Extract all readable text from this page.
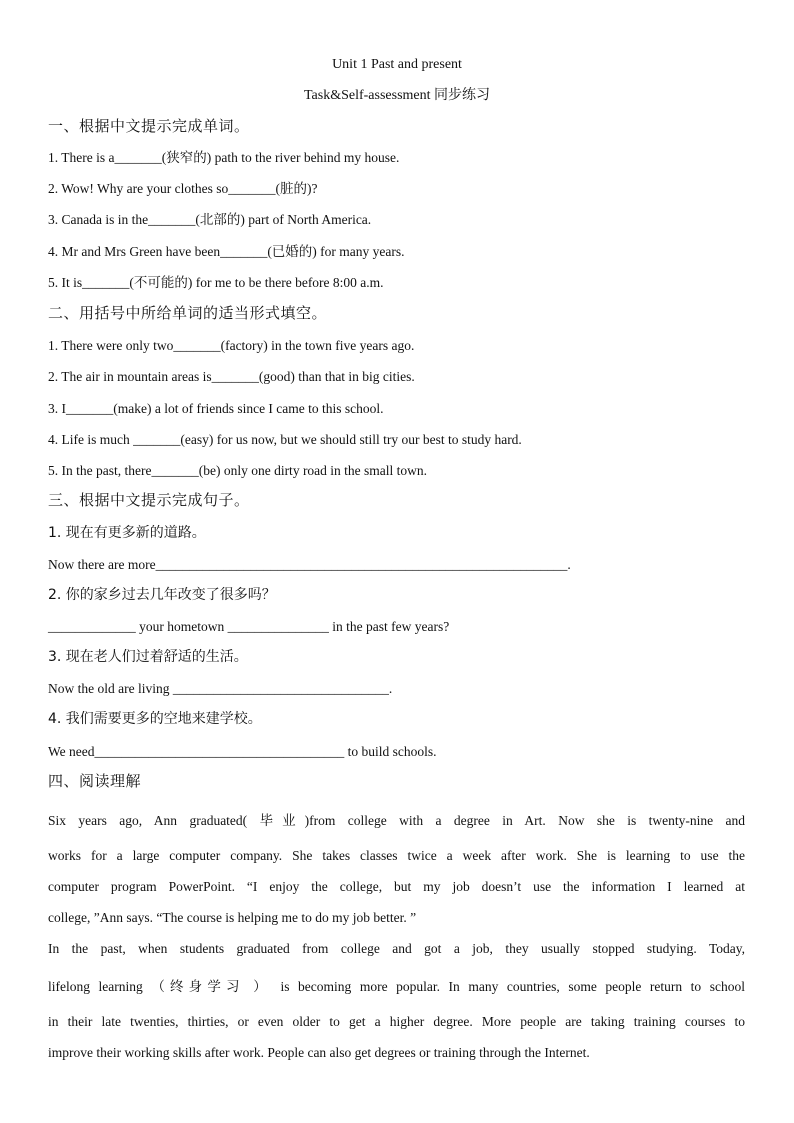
Unit 1 Past and present
Task&Self-assessment 同步练习
一、根据中文提示完成单词。
1. There is a_______(狭窄的) path to the river behind my house.
2. Wow! Why are your clothes so_______(脏的)?
3. Canada is in the_______(北部的) part of North America.
4. Mr and Mrs Green have been_______(已婚的) for many years.
5. It is_______(不可能的) for me to be there before 8:00 a.m.
二、用括号中所给单词的适当形式填空。
1. There were only two_______(factory) in the town five years ago.
2. The air in mountain areas is_______(good) than that in big cities.
3. I_______(make) a lot of friends since I came to this school.
4. Life is much _______(easy) for us now, but we should still try our best to study hard.
5. In the past, there_______(be) only one dirty road in the small town.
三、根据中文提示完成句子。
1. 现在有更多新的道路。
Now there are more_____________________________________________________________.
2. 你的家乡过去几年改变了很多吗？
_____________ your hometown _______________ in the past few years?
3. 现在老人们过着舒适的生活。
Now the old are living ________________________________.
4. 我们需要更多的空地来建学校。
We need_____________________________________ to build schools.
四、阅读理解
Six years ago, Ann graduated( 毕业)from college with a degree in Art. Now she is twenty-nine and
works for a large computer company. She takes classes twice a week after work. She is learning to use the
computer program PowerPoint. “I enjoy the college, but my job doesn’t use the information I learned at
college, ”Ann says. “The course is helping me to do my job better. ”
In the past, when students graduated from college and got a job, they usually stopped studying. Today,
lifelong learning （终身学习 ） is becoming more popular. In many countries, some people return to school
in their late twenties, thirties, or even older to get a higher degree. More people are taking training courses to
improve their working skills after work. People can also get degrees or training through the Internet.
